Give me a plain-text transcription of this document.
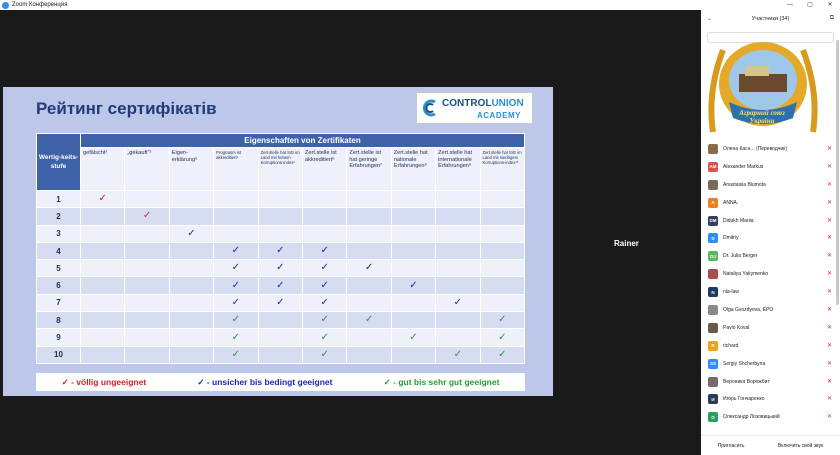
Zoom Конференция	—	▢	✕
Рейтинг сертифікатів	CONTROLUNION
ACADEMY
Wertig-keits-stufe	Eigenschaften von Zertifikaten									
	gefälscht¹	„gekauft“²	Eigen-erklärung³	Programm ist akkreditiert⁴	Zert.stelle hat Sitz im Land mit hohem Korruptions-index⁵	Zert.stelle ist akkreditiert⁶	Zert.stelle ist hat geringe Erfahrungen⁷	Zert.stelle hat nationale Erfahrungen⁸	Zert.stelle hat internationale Erfahrungen⁹	Zert.stelle hat Sitz im Land mit niedrigem Korruptions-index¹⁰
1	✓									
2		✓								
3			✓							
4				✓	✓	✓				
5				✓	✓	✓	✓			
6				✓	✓	✓		✓		
7				✓	✓	✓			✓	
8				✓		✓	✓			✓
9				✓		✓		✓		✓
10				✓		✓			✓	✓
✓ - völlig ungeeignet	✓ - unsicher bis bedingt geeignet	✓ - gut bis sehr gut geeignet
Rainer
⌄	Участники (34)	⧉
Аграрний союз України
Олена Касн... (Переводчик)	✕
AM	Alexander Markus	✕
Anastasiia Blumota	✕
A	ANNA.	✕
DM	Didukh Mariia	✕
D	Dmitriy	✕
DJ	Dr. Julia Berger	✕
Nataliya Yakymenko	✕
N	nla-law	✕
Olga Gvozdyova, EPO	✕
Pavlo Koval	✕
R	richard	✕
SS	Sergiy Shcherbyna	✕
Вероника Ворожбит	✕
И	Игорь Гончаренко	✕
О	Олександр Лозовицький	✕
Пригласить	Включить свой звук
